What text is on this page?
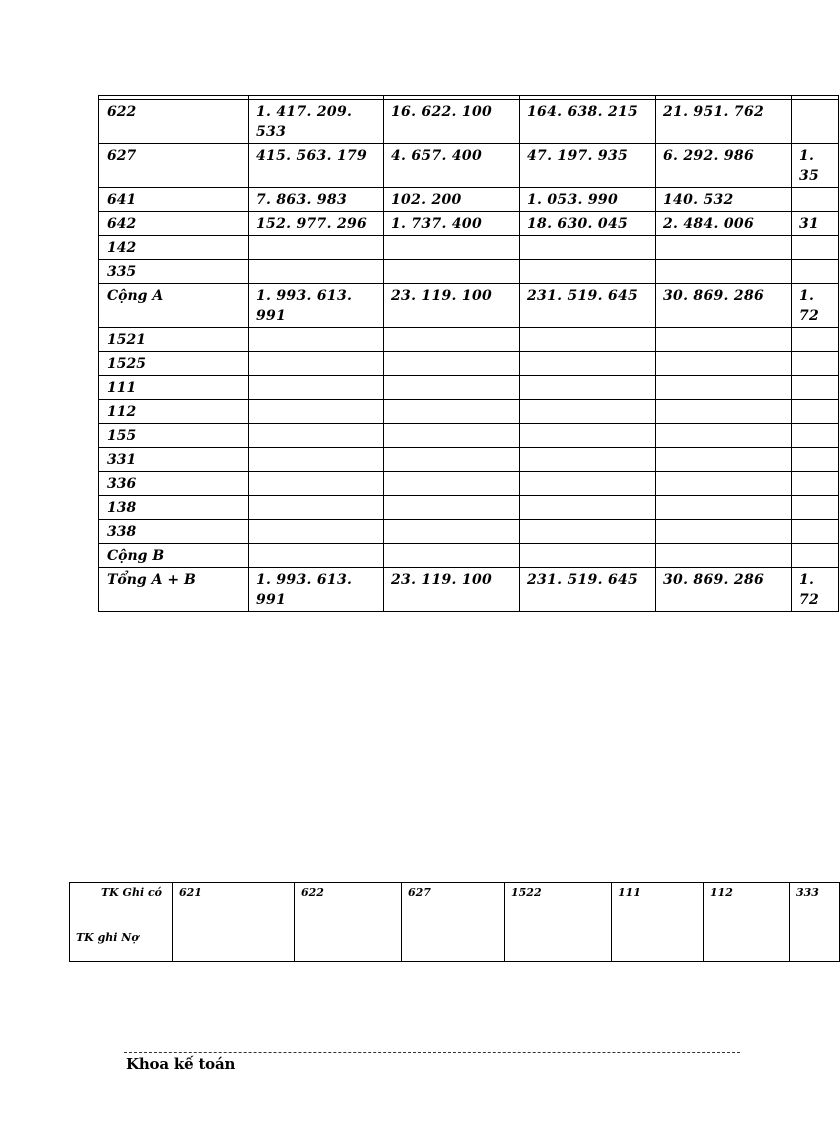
622	1. 417. 209. 533	16. 622. 100	164. 638. 215	21. 951. 762	
627	415. 563. 179	4. 657. 400	47. 197. 935	6. 292. 986	1. 35
641	7. 863. 983	102. 200	1. 053. 990	140. 532	
642	152. 977. 296	1. 737. 400	18. 630. 045	2. 484. 006	31
142					
335					
Cộng A	1. 993. 613. 991	23. 119. 100	231. 519. 645	30. 869. 286	1. 72
1521					
1525					
111					
112					
155					
331					
336					
138					
338					
Cộng B					
Tổng A + B	1. 993. 613. 991	23. 119. 100	231. 519. 645	30. 869. 286	1. 72
TK Ghi có
TK ghi Nợ
	621	622	627	1522	111	112	333
Khoa kế toán
